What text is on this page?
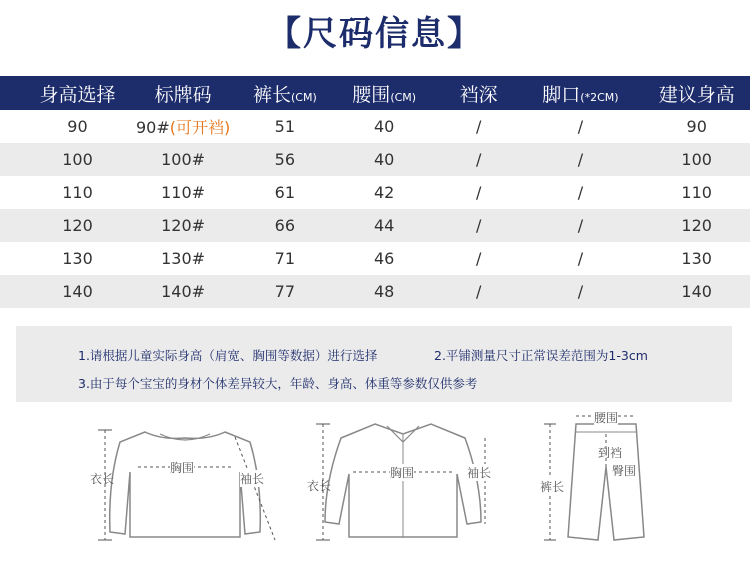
【尺码信息】
身高选择	标牌码	裤长(CM)	腰围(CM)	裆深	脚口(*2CM)	建议身高
90	90#(可开裆)	51	40	/	/	90
100	100#	56	40	/	/	100
110	110#	61	42	/	/	110
120	120#	66	44	/	/	120
130	130#	71	46	/	/	130
140	140#	77	48	/	/	140
1.请根据儿童实际身高（肩宽、胸围等数据）进行选择	2.平铺测量尺寸正常误差范围为1-3cm
3.由于每个宝宝的身材个体差异较大，年龄、身高、体重等参数仅供参考
衣长
胸围
袖长	衣长
胸围	袖长
腰围
到裆
臀围
裤长
